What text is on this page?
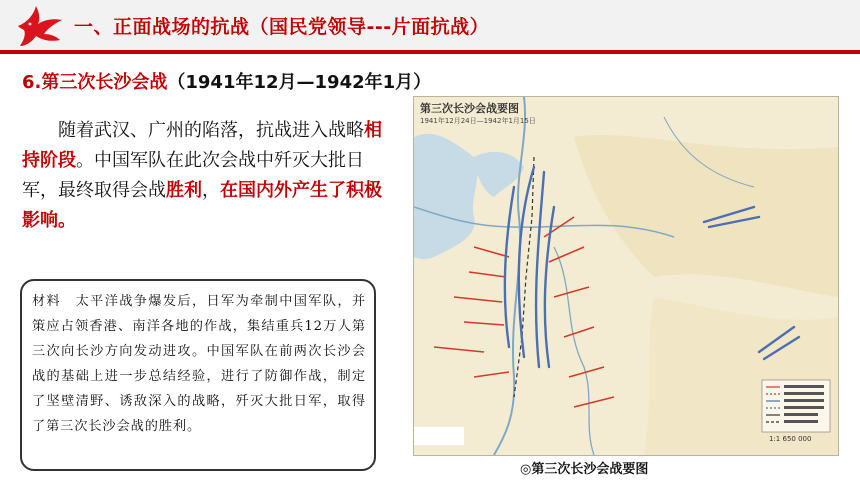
一、正面战场的抗战（国民党领导---片面抗战）
6.第三次长沙会战（1941年12月—1942年1月）
随着武汉、广州的陷落，抗战进入战略相持阶段。中国军队在此次会战中歼灭大批日军，最终取得会战胜利，在国内外产生了积极影响。
材料　太平洋战争爆发后，日军为牵制中国军队，并策应占领香港、南洋各地的作战，集结重兵12万人第三次向长沙方向发动进攻。中国军队在前两次长沙会战的基础上进一步总结经验，进行了防御作战，制定了坚壁清野、诱敌深入的战略，歼灭大批日军，取得了第三次长沙会战的胜利。
第三次长沙会战要图
1941年12月24日—1942年1月15日
1:1 650 000
◎第三次长沙会战要图
